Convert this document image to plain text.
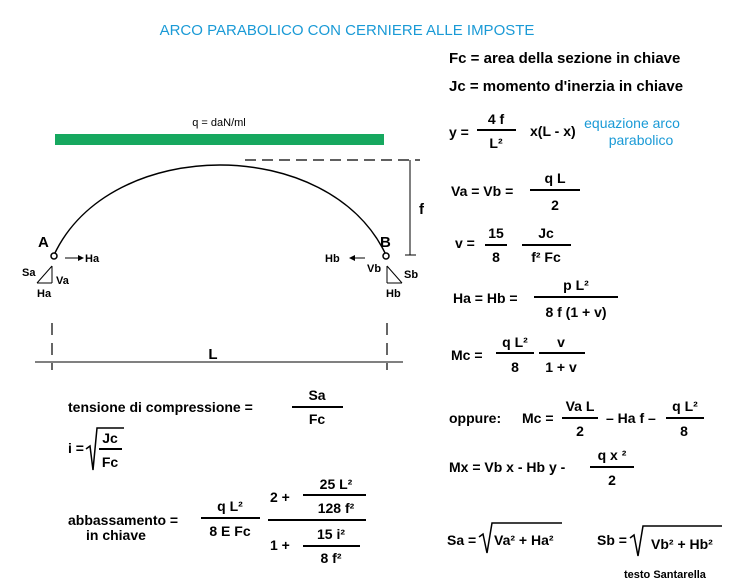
ARCO PARABOLICO CON CERNIERE ALLE IMPOSTE
q = daN/ml
f
A
Ha
Sa
Va
Ha
B
Hb
Vb Sb
Hb
L
Fc = area della sezione in chiave
Jc = momento d'inerzia in chiave
y =
4 f
L²
x(L - x) equazione arco
parabolico
Va = Vb =
q L
2
v =
15
8
Jc
f² Fc
Ha = Hb =
p L²
8 f (1 + v)
Mc =
q L²
8
v
1 + v
oppure: Mc =
Va L
2
– Ha f –
q L²
8
Mx = Vb x - Hb y -
q x ²
2
Sa = Va² + Ha²	Sb = Vb² + Hb²
testo Santarella
tensione di compressione =
Sa
Fc
i =
Jc
Fc
abbassamento =
in chiave
q L²
8 E Fc
2 +
25 L²
128 f²
1 +
15 i²
8 f²
